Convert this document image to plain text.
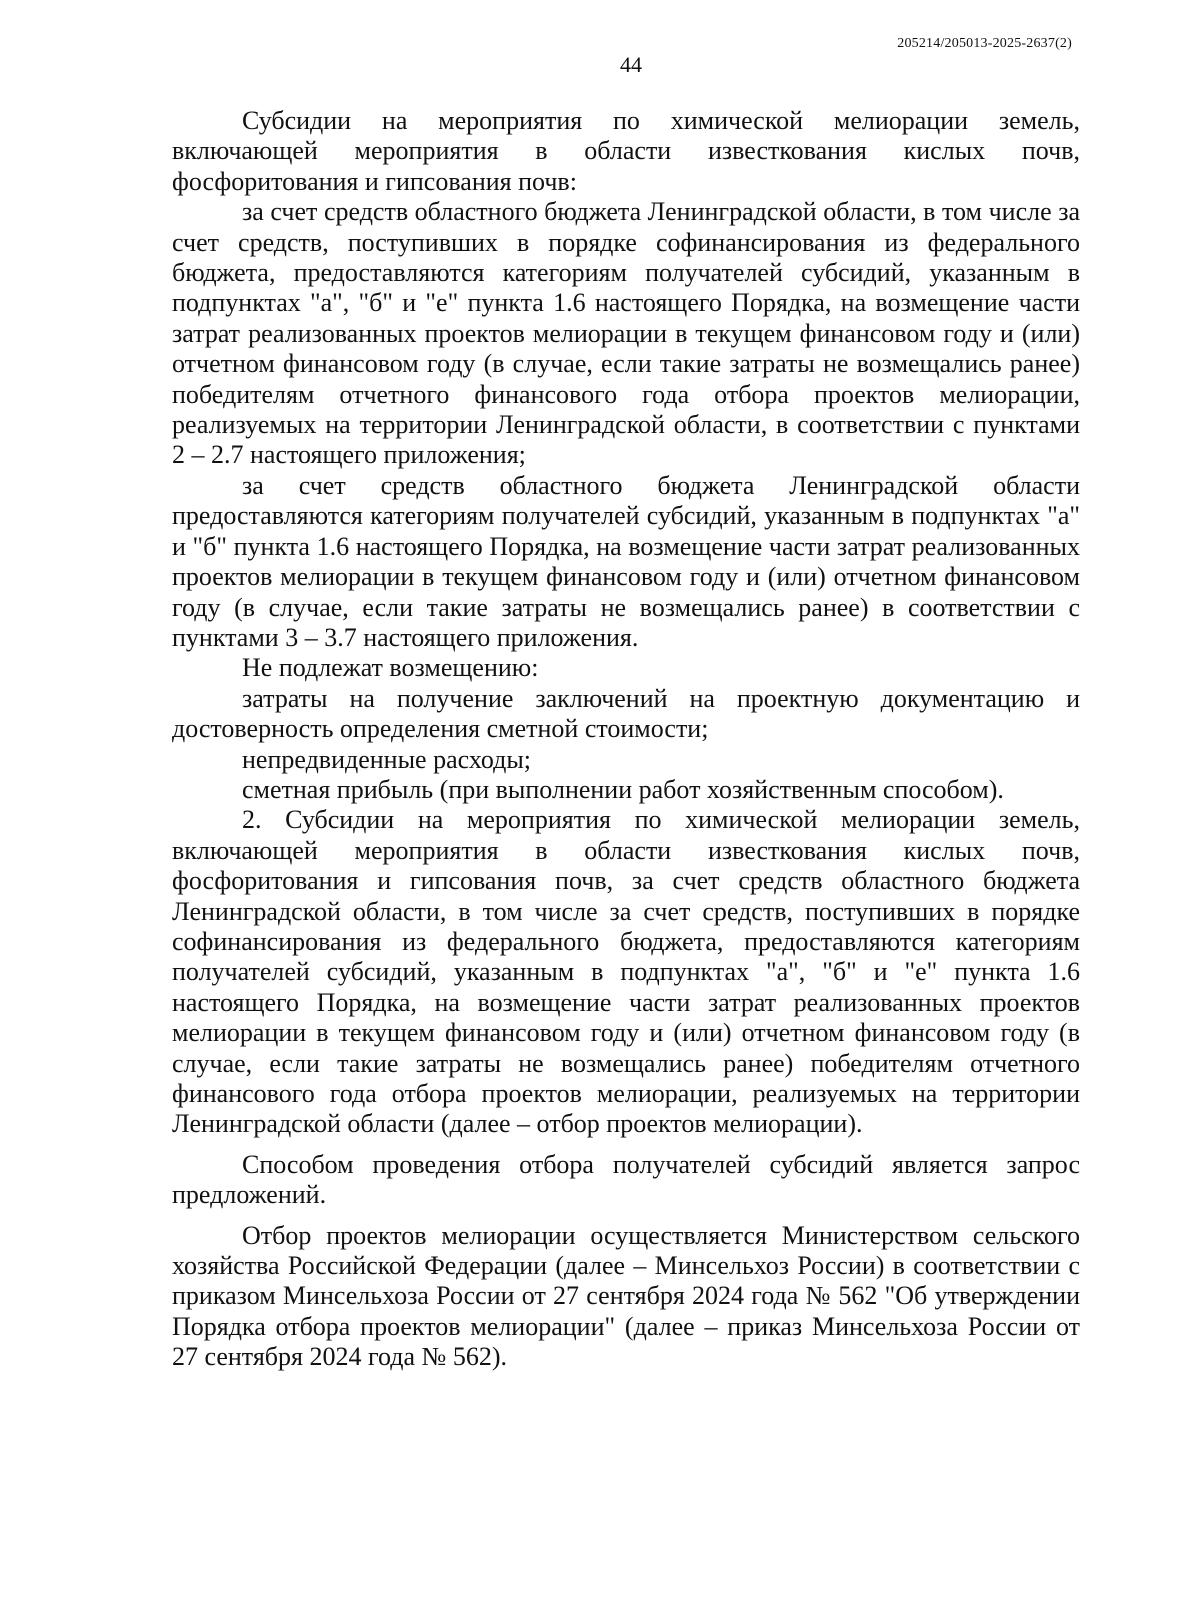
205214/205013-2025-2637(2)
44

Субсидии на мероприятия по химической мелиорации земель, включающей мероприятия в области известкования кислых почв, фосфоритования и гипсования почв:

за счет средств областного бюджета Ленинградской области, в том числе за счет средств, поступивших в порядке софинансирования из федерального бюджета, предоставляются категориям получателей субсидий, указанным в подпунктах "а", "б" и "е" пункта 1.6 настоящего Порядка, на возмещение части затрат реализованных проектов мелиорации в текущем финансовом году и (или) отчетном финансовом году (в случае, если такие затраты не возмещались ранее) победителям отчетного финансового года отбора проектов мелиорации, реализуемых на территории Ленинградской области, в соответствии с пунктами 2 – 2.7 настоящего приложения;

за счет средств областного бюджета Ленинградской области предоставляются категориям получателей субсидий, указанным в подпунктах "а" и "б" пункта 1.6 настоящего Порядка, на возмещение части затрат реализованных проектов мелиорации в текущем финансовом году и (или) отчетном финансовом году (в случае, если такие затраты не возмещались ранее) в соответствии с пунктами 3 – 3.7 настоящего приложения.

Не подлежат возмещению:

затраты на получение заключений на проектную документацию и достоверность определения сметной стоимости;

непредвиденные расходы;

сметная прибыль (при выполнении работ хозяйственным способом).

2. Субсидии на мероприятия по химической мелиорации земель, включающей мероприятия в области известкования кислых почв, фосфоритования и гипсования почв, за счет средств областного бюджета Ленинградской области, в том числе за счет средств, поступивших в порядке софинансирования из федерального бюджета, предоставляются категориям получателей субсидий, указанным в подпунктах "а", "б" и "е" пункта 1.6 настоящего Порядка, на возмещение части затрат реализованных проектов мелиорации в текущем финансовом году и (или) отчетном финансовом году (в случае, если такие затраты не возмещались ранее) победителям отчетного финансового года отбора проектов мелиорации, реализуемых на территории Ленинградской области (далее – отбор проектов мелиорации).

Способом проведения отбора получателей субсидий является запрос предложений.

Отбор проектов мелиорации осуществляется Министерством сельского хозяйства Российской Федерации (далее – Минсельхоз России) в соответствии с приказом Минсельхоза России от 27 сентября 2024 года № 562 "Об утверждении Порядка отбора проектов мелиорации" (далее – приказ Минсельхоза России от 27 сентября 2024 года № 562).
